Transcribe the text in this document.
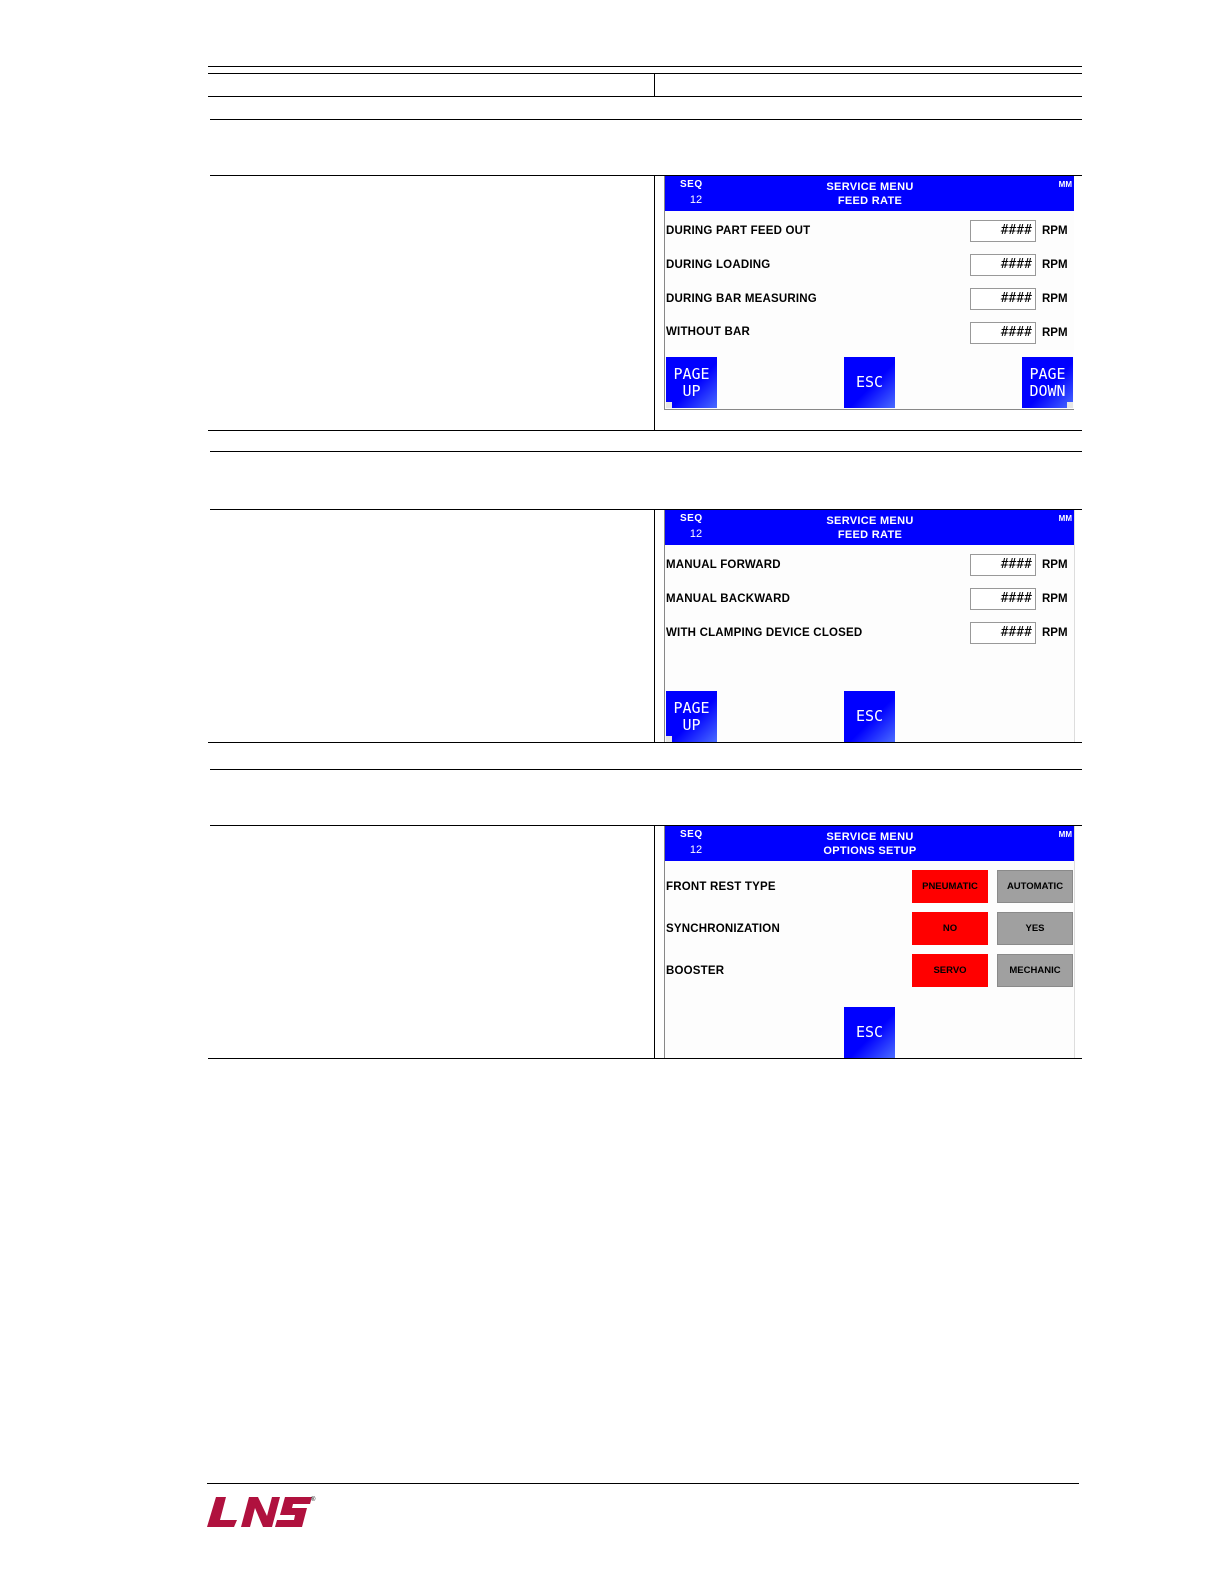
SEQ
12
SERVICE MENU
FEED RATE
MM
DURING PART FEED OUT	#### RPM
DURING LOADING	#### RPM
DURING BAR MEASURING	#### RPM
WITHOUT BAR	#### RPM
PAGE
UP	ESC	PAGE
DOWN
SEQ
12
SERVICE MENU
FEED RATE
MM
MANUAL FORWARD	#### RPM
MANUAL BACKWARD	#### RPM
WITH CLAMPING DEVICE CLOSED	#### RPM
PAGE
UP	ESC
SEQ
12
SERVICE MENU
OPTIONS SETUP
MM
FRONT REST TYPE	PNEUMATIC	AUTOMATIC
SYNCHRONIZATION	NO	YES
BOOSTER	SERVO	MECHANIC
ESC
®
